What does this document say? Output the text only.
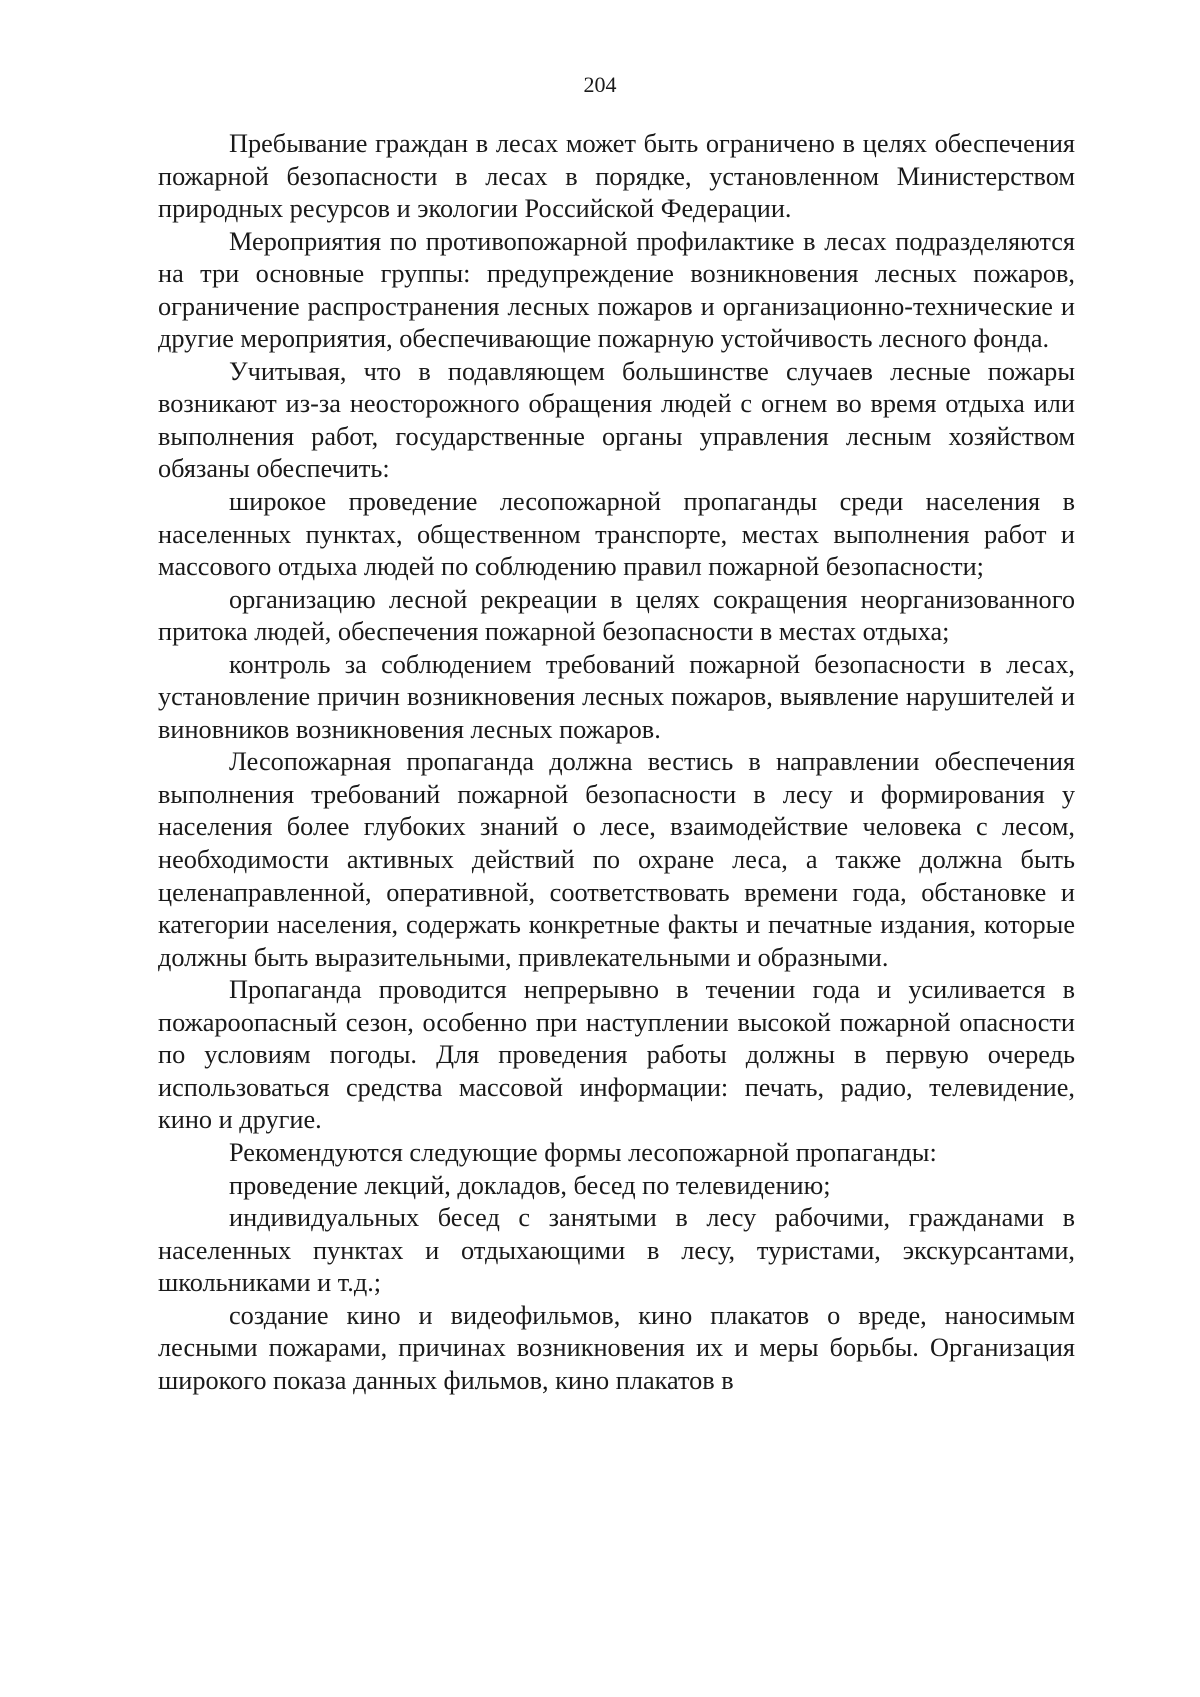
204

Пребывание граждан в лесах может быть ограничено в целях обеспечения пожарной безопасности в лесах в порядке, установленном Министерством природных ресурсов и экологии Российской Федерации.

Мероприятия по противопожарной профилактике в лесах подразделяются на три основные группы: предупреждение возникновения лесных пожаров, ограничение распространения лесных пожаров и организационно-технические и другие мероприятия, обеспечивающие пожарную устойчивость лесного фонда.

Учитывая, что в подавляющем большинстве случаев лесные пожары возникают из-за неосторожного обращения людей с огнем во время отдыха или выполнения работ, государственные органы управления лесным хозяйством обязаны обеспечить:

широкое проведение лесопожарной пропаганды среди населения в населенных пунктах, общественном транспорте, местах выполнения работ и массового отдыха людей по соблюдению правил пожарной безопасности;

организацию лесной рекреации в целях сокращения неорганизованного притока людей, обеспечения пожарной безопасности в местах отдыха;

контроль за соблюдением требований пожарной безопасности в лесах, установление причин возникновения лесных пожаров, выявление нарушителей и виновников возникновения лесных пожаров.

Лесопожарная пропаганда должна вестись в направлении обеспечения выполнения требований пожарной безопасности в лесу и формирования у населения более глубоких знаний о лесе, взаимодействие человека с лесом, необходимости активных действий по охране леса, а также должна быть целенаправленной, оперативной, соответствовать времени года, обстановке и категории населения, содержать конкретные факты и печатные издания, которые должны быть выразительными, привлекательными и образными.

Пропаганда проводится непрерывно в течении года и усиливается в пожароопасный сезон, особенно при наступлении высокой пожарной опасности по условиям погоды. Для проведения работы должны в первую очередь использоваться средства массовой информации: печать, радио, телевидение, кино и другие.

Рекомендуются следующие формы лесопожарной пропаганды:

проведение лекций, докладов, бесед по телевидению;

индивидуальных бесед с занятыми в лесу рабочими, гражданами в населенных пунктах и отдыхающими в лесу, туристами, экскурсантами, школьниками и т.д.;

создание кино и видеофильмов, кино плакатов о вреде, наносимым лесными пожарами, причинах возникновения их и меры борьбы. Организация широкого показа данных фильмов, кино плакатов в
